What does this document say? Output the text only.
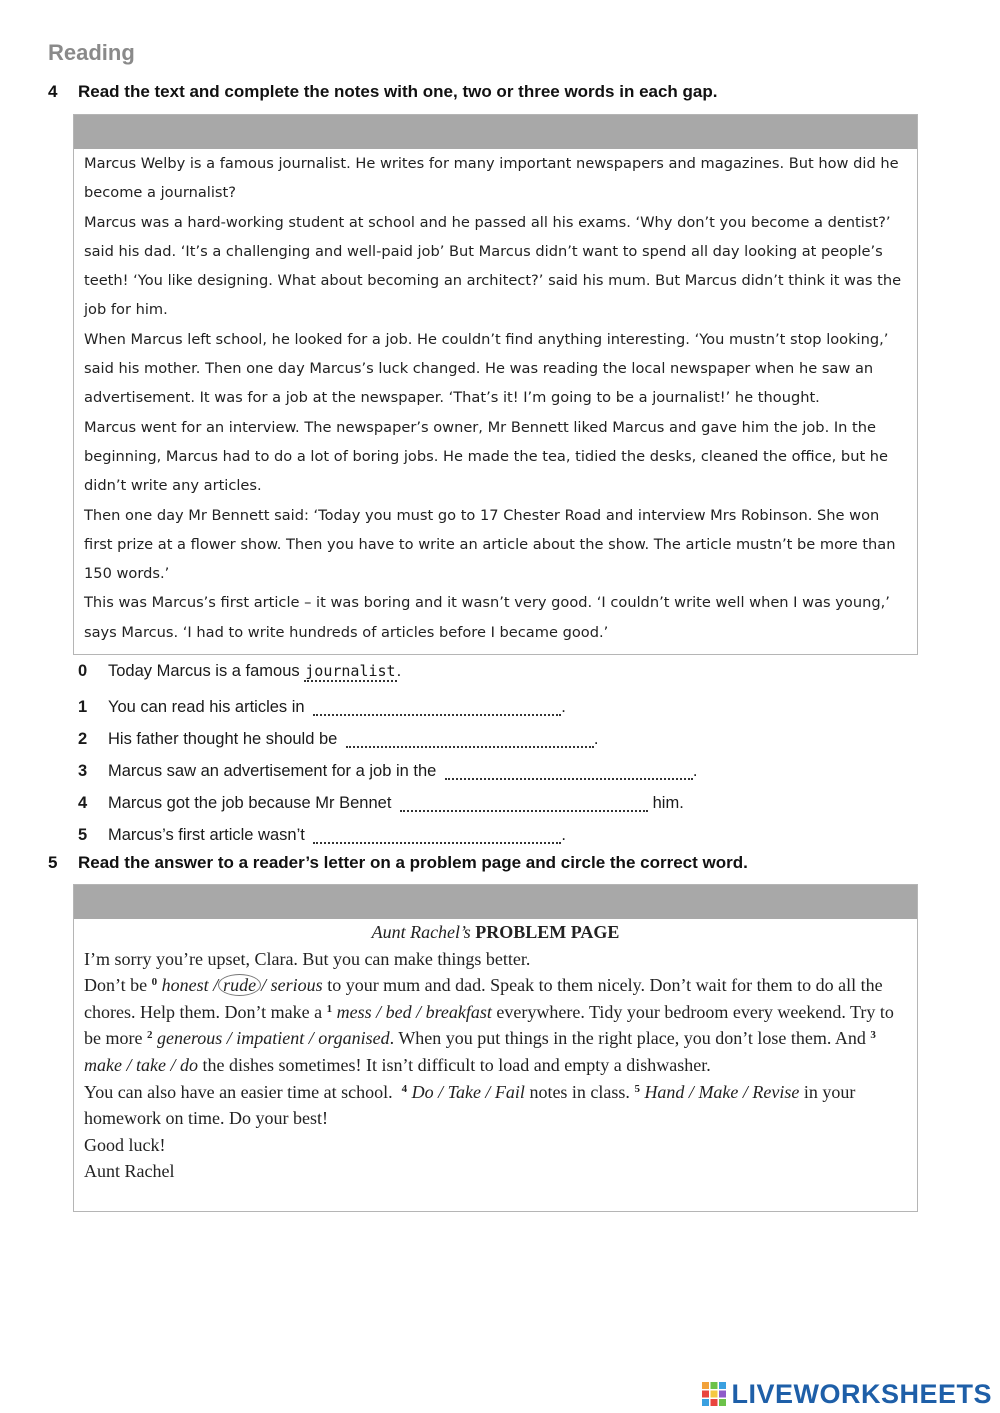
Reading
4 Read the text and complete the notes with one, two or three words in each gap.

Marcus Welby is a famous journalist. He writes for many important newspapers and magazines. But how did he become a journalist?

Marcus was a hard-working student at school and he passed all his exams. ‘Why don’t you become a dentist?’ said his dad. ‘It’s a challenging and well-paid job’ But Marcus didn’t want to spend all day looking at people’s teeth! ‘You like designing. What about becoming an architect?’ said his mum. But Marcus didn’t think it was the job for him.

When Marcus left school, he looked for a job. He couldn’t find anything interesting. ‘You mustn’t stop looking,’ said his mother. Then one day Marcus’s luck changed. He was reading the local newspaper when he saw an advertisement. It was for a job at the newspaper. ‘That’s it! I’m going to be a journalist!’ he thought.

Marcus went for an interview. The newspaper’s owner, Mr Bennett liked Marcus and gave him the job. In the beginning, Marcus had to do a lot of boring jobs. He made the tea, tidied the desks, cleaned the office, but he didn’t write any articles.

Then one day Mr Bennett said: ‘Today you must go to 17 Chester Road and interview Mrs Robinson. She won first prize at a flower show. Then you have to write an article about the show. The article mustn’t be more than 150 words.’

This was Marcus’s first article – it was boring and it wasn’t very good. ‘I couldn’t write well when I was young,’ says Marcus. ‘I had to write hundreds of articles before I became good.’

0 Today Marcus is a famous journalist.
1 You can read his articles in	.
2 His father thought he should be	.
3 Marcus saw an advertisement for a job in the	.
4 Marcus got the job because Mr Bennet	him.
5 Marcus’s first article wasn’t	.
5 Read the answer to a reader’s letter on a problem page and circle the correct word.

Aunt Rachel’s PROBLEM PAGE

I’m sorry you’re upset, Clara. But you can make things better.

Don’t be $^0$ honest / rude / serious to your mum and dad. Speak to them nicely. Don’t wait for them to do all the chores. Help them. Don’t make a $^1$ mess / bed / breakfast everywhere. Tidy your bedroom every weekend. Try to be more $^2$ generous / impatient / organised. When you put things in the right place, you don’t lose them. And $^3$ make / take / do the dishes sometimes! It isn’t difficult to load and empty a dishwasher.

You can also have an easier time at school. $^4$ Do / Take / Fail notes in class. $^5$ Hand / Make / Revise in your homework on time. Do your best!

Good luck!

Aunt Rachel

LIVEWORKSHEETS
